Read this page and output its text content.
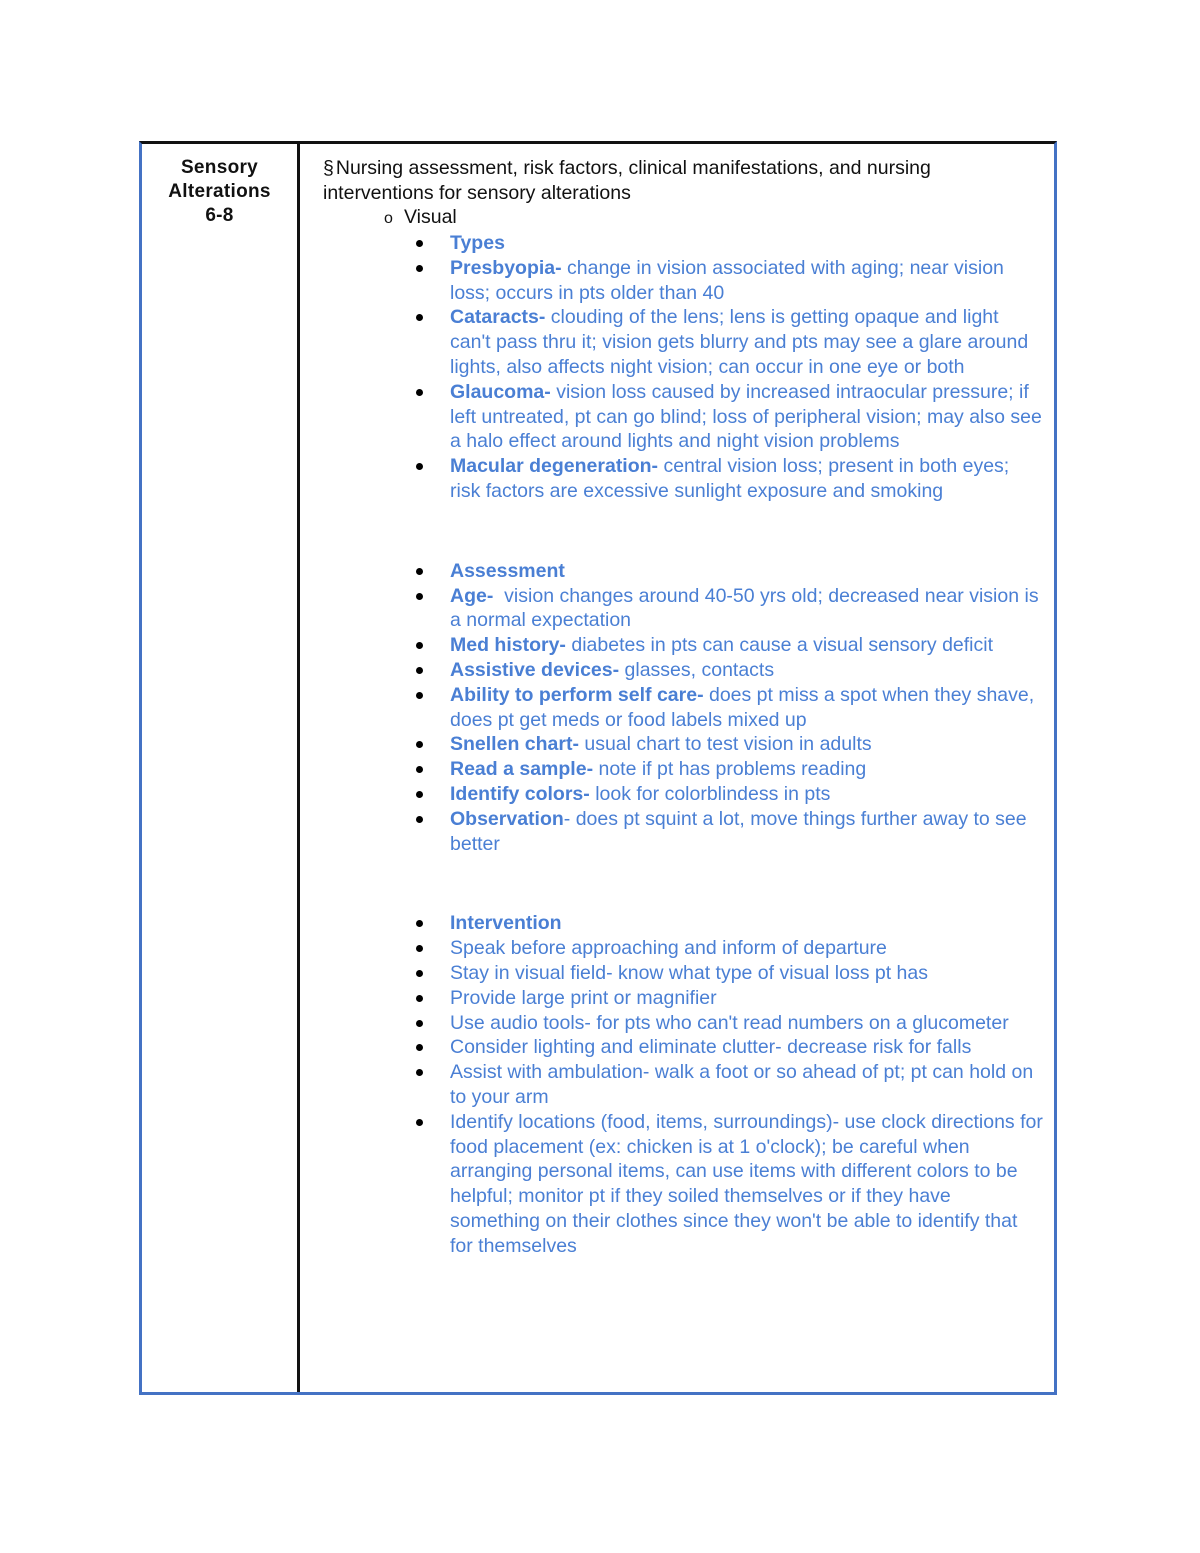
Sensory
Alterations
6-8

§ Nursing assessment, risk factors, clinical manifestations, and nursing interventions for sensory alterations

o Visual
Types
Presbyopia- change in vision associated with aging; near vision loss; occurs in pts older than 40
Cataracts- clouding of the lens; lens is getting opaque and light can't pass thru it; vision gets blurry and pts may see a glare around lights, also affects night vision; can occur in one eye or both
Glaucoma- vision loss caused by increased intraocular pressure; if left untreated, pt can go blind; loss of peripheral vision; may also see a halo effect around lights and night vision problems
Macular degeneration- central vision loss; present in both eyes; risk factors are excessive sunlight exposure and smoking
Assessment
Age-  vision changes around 40-50 yrs old; decreased near vision is a normal expectation
Med history- diabetes in pts can cause a visual sensory deficit
Assistive devices- glasses, contacts
Ability to perform self care- does pt miss a spot when they shave, does pt get meds or food labels mixed up
Snellen chart- usual chart to test vision in adults
Read a sample- note if pt has problems reading
Identify colors- look for colorblindess in pts
Observation- does pt squint a lot, move things further away to see better
Intervention
Speak before approaching and inform of departure
Stay in visual field- know what type of visual loss pt has
Provide large print or magnifier
Use audio tools- for pts who can't read numbers on a glucometer
Consider lighting and eliminate clutter- decrease risk for falls
Assist with ambulation- walk a foot or so ahead of pt; pt can hold on to your arm
Identify locations (food, items, surroundings)- use clock directions for food placement (ex: chicken is at 1 o'clock); be careful when arranging personal items, can use items with different colors to be helpful; monitor pt if they soiled themselves or if they have something on their clothes since they won't be able to identify that for themselves
